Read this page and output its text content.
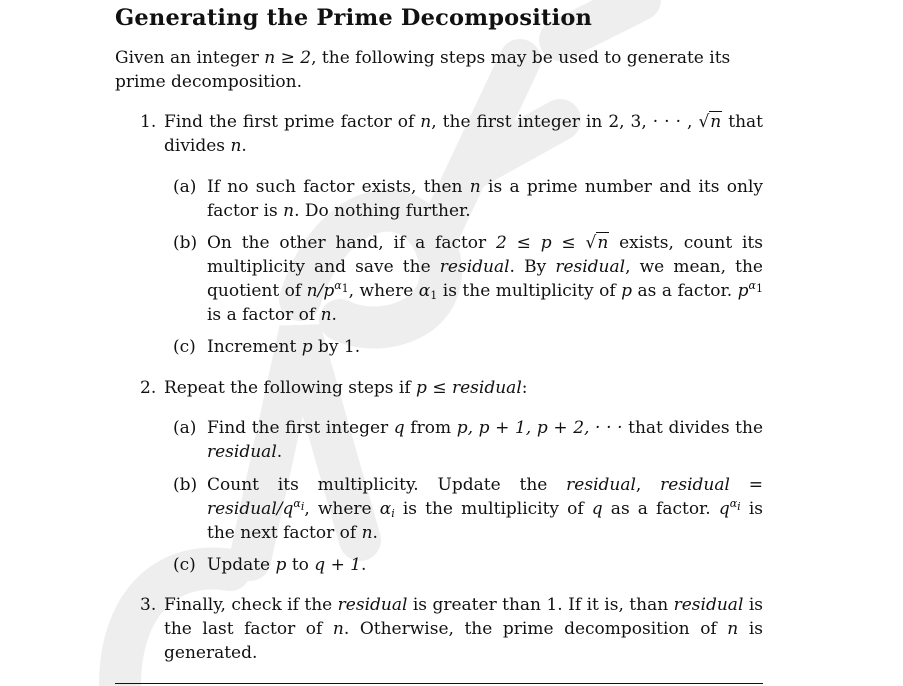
Generating the Prime Decomposition

Given an integer n ≥ 2, the following steps may be used to generate its prime decomposition.

1. Find the first prime factor of n, the first integer in 2, 3, · · · , √n that divides n.
(a) If no such factor exists, then n is a prime number and its only factor is n. Do nothing further.
(b) On the other hand, if a factor 2 ≤ p ≤ √n exists, count its multiplicity and save the residual. By residual, we mean, the quotient of $n/p^{\alpha_1}$, where $\alpha_1$ is the multiplicity of p as a factor. $p^{\alpha_1}$ is a factor of n.
(c) Increment p by 1.
2. Repeat the following steps if p ≤ residual:
(a) Find the first integer q from p, p + 1, p + 2, · · · that divides the residual.
(b) Count its multiplicity. Update the residual, residual = residual/$q^{\alpha_i}$, where $\alpha_i$ is the multiplicity of q as a factor. $q^{\alpha_i}$ is the next factor of n.
(c) Update p to q + 1.
3. Finally, check if the residual is greater than 1. If it is, than residual is the last factor of n. Otherwise, the prime decomposition of n is generated.
